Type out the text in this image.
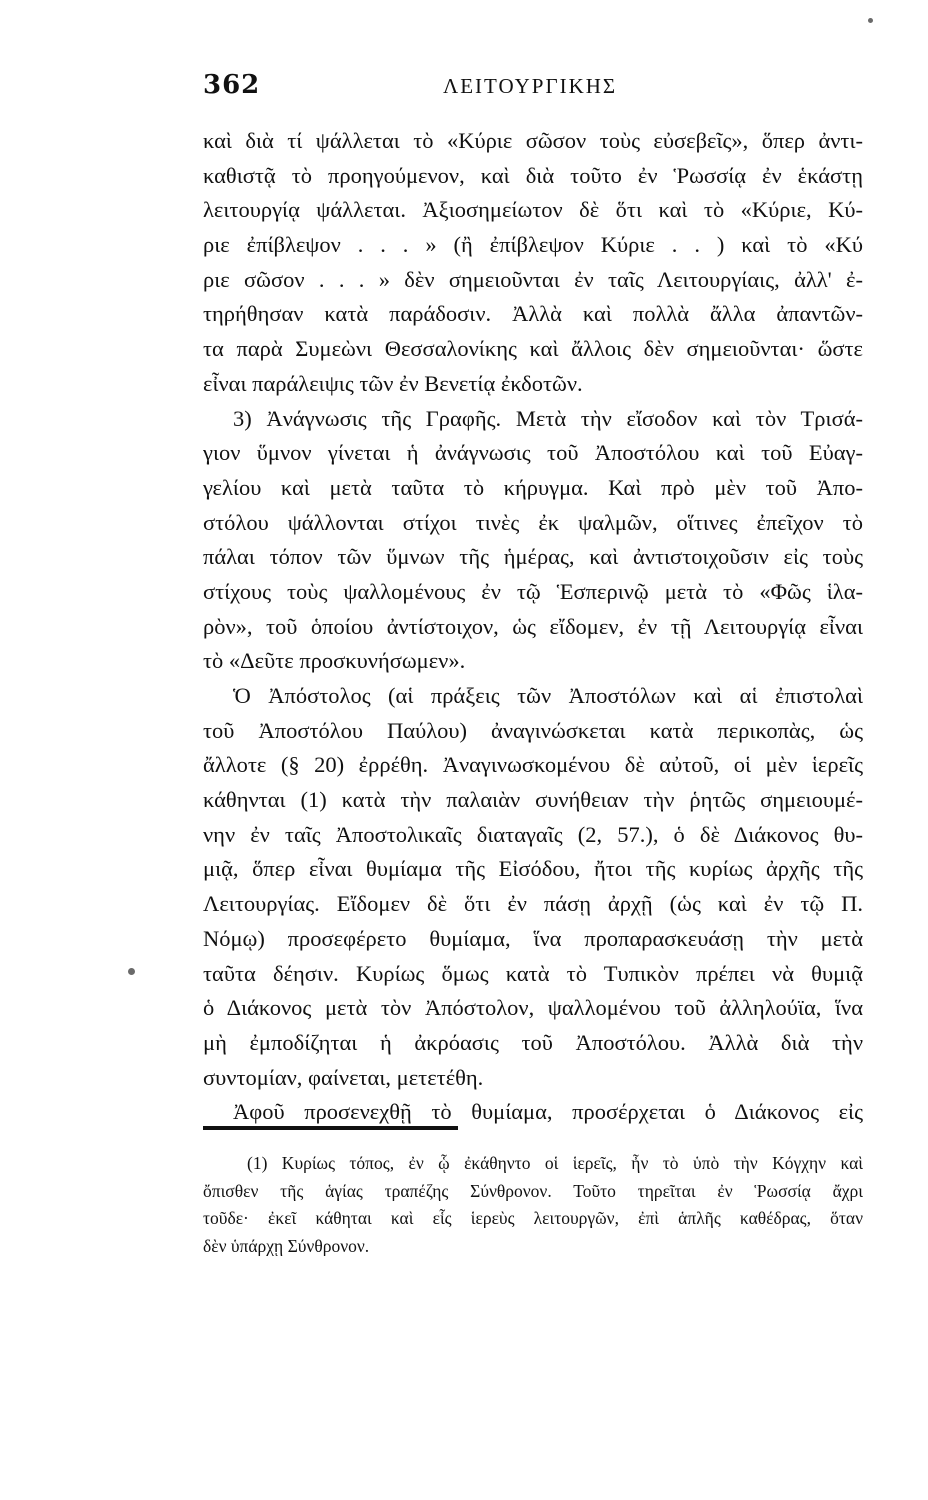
362	ΛΕΙΤΟΥΡΓΙΚΗΣ
καὶ διὰ τί ψάλλεται τὸ «Κύριε σῶσον τοὺς εὐσεβεῖς», ὅπερ ἀντι-
καθιστᾷ τὸ προηγούμενον, καὶ διὰ τοῦτο ἐν Ῥωσσίᾳ ἐν ἑκάστῃ
λειτουργίᾳ ψάλλεται. Ἀξιοσημείωτον δὲ ὅτι καὶ τὸ «Κύριε, Κύ-
ριε ἐπίβλεψον . . . » (ἢ ἐπίβλεψον Κύριε . . ) καὶ τὸ «Κύ
ριε σῶσον . . . » δὲν σημειοῦνται ἐν ταῖς Λειτουργίαις, ἀλλ' ἐ-
τηρήθησαν κατὰ παράδοσιν. Ἀλλὰ καὶ πολλὰ ἄλλα ἀπαντῶν-
τα παρὰ Συμεὼνι Θεσσαλονίκης καὶ ἄλλοις δὲν σημειοῦνται· ὥστε
εἶναι παράλειψις τῶν ἐν Βενετίᾳ ἐκδοτῶν.
3) Ἀνάγνωσις τῆς Γραφῆς. Μετὰ τὴν εἴσοδον καὶ τὸν Τρισά-
γιον ὕμνον γίνεται ἡ ἀνάγνωσις τοῦ Ἀποστόλου καὶ τοῦ Εὐαγ-
γελίου καὶ μετὰ ταῦτα τὸ κήρυγμα. Καὶ πρὸ μὲν τοῦ Ἀπο-
στόλου ψάλλονται στίχοι τινὲς ἐκ ψαλμῶν, οἵτινες ἐπεῖχον τὸ
πάλαι τόπον τῶν ὕμνων τῆς ἡμέρας, καὶ ἀντιστοιχοῦσιν εἰς τοὺς
στίχους τοὺς ψαλλομένους ἐν τῷ Ἑσπερινῷ μετὰ τὸ «Φῶς ἱλα-
ρὸν», τοῦ ὁποίου ἀντίστοιχον, ὡς εἴδομεν, ἐν τῇ Λειτουργίᾳ εἶναι
τὸ «Δεῦτε προσκυνήσωμεν».
Ὁ Ἀπόστολος (αἱ πράξεις τῶν Ἀποστόλων καὶ αἱ ἐπιστολαὶ
τοῦ Ἀποστόλου Παύλου) ἀναγινώσκεται κατὰ περικοπὰς, ὡς
ἄλλοτε (§ 20) ἐρρέθη. Ἀναγινωσκομένου δὲ αὐτοῦ, οἱ μὲν ἱερεῖς
κάθηνται (1) κατὰ τὴν παλαιὰν συνήθειαν τὴν ῥητῶς σημειουμέ-
νην ἐν ταῖς Ἀποστολικαῖς διαταγαῖς (2, 57.), ὁ δὲ Διάκονος θυ-
μιᾷ, ὅπερ εἶναι θυμίαμα τῆς Εἰσόδου, ἤτοι τῆς κυρίως ἀρχῆς τῆς
Λειτουργίας. Εἴδομεν δὲ ὅτι ἐν πάσῃ ἀρχῇ (ὡς καὶ ἐν τῷ Π.
Νόμῳ) προσεφέρετο θυμίαμα, ἵνα προπαρασκευάσῃ τὴν μετὰ
ταῦτα δέησιν. Κυρίως ὅμως κατὰ τὸ Τυπικὸν πρέπει νὰ θυμιᾷ
ὁ Διάκονος μετὰ τὸν Ἀπόστολον, ψαλλομένου τοῦ ἀλληλούϊα, ἵνα
μὴ ἐμποδίζηται ἡ ἀκρόασις τοῦ Ἀποστόλου. Ἀλλὰ διὰ τὴν
συντομίαν, φαίνεται, μετετέθη.
Ἀφοῦ προσενεχθῇ τὸ θυμίαμα, προσέρχεται ὁ Διάκονος εἰς
(1) Κυρίως τόπος, ἐν ᾧ ἐκάθηντο οἱ ἱερεῖς, ἦν τὸ ὑπὸ τὴν Κόγχην καὶ
ὄπισθεν τῆς ἁγίας τραπέζης Σύνθρονον. Τοῦτο τηρεῖται ἐν Ῥωσσίᾳ ἄχρι
τοῦδε· ἐκεῖ κάθηται καὶ εἷς ἱερεὺς λειτουργῶν, ἐπὶ ἁπλῆς καθέδρας, ὅταν
δὲν ὑπάρχῃ Σύνθρονον.
